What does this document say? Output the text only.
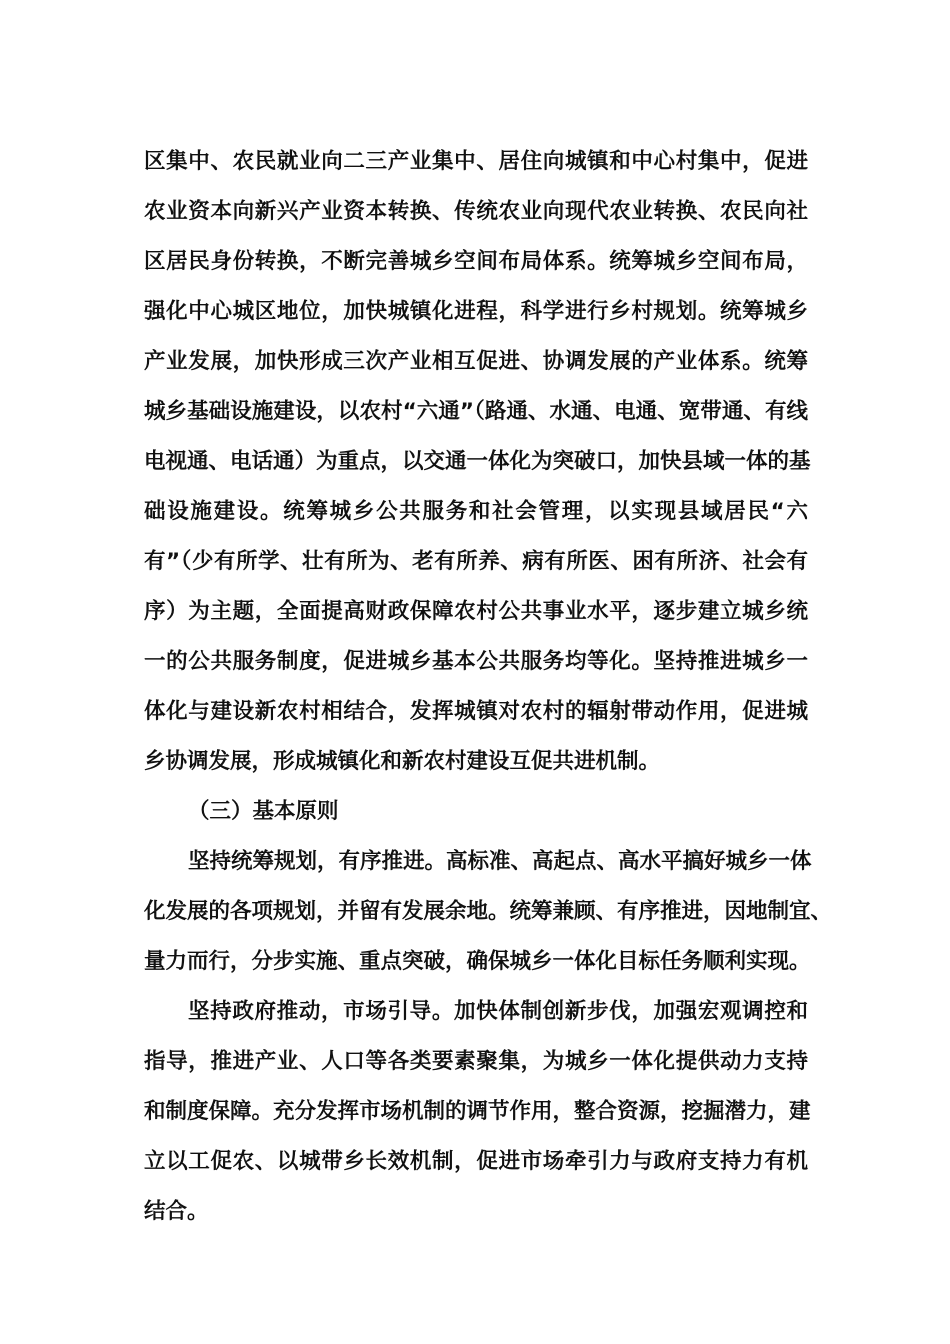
区集中、农民就业向二三产业集中、居住向城镇和中心村集中，促进
农业资本向新兴产业资本转换、传统农业向现代农业转换、农民向社
区居民身份转换，不断完善城乡空间布局体系。统筹城乡空间布局，
强化中心城区地位，加快城镇化进程，科学进行乡村规划。统筹城乡
产业发展，加快形成三次产业相互促进、协调发展的产业体系。统筹
城乡基础设施建设，以农村“六通”（路通、水通、电通、宽带通、有线
电视通、电话通）为重点，以交通一体化为突破口，加快县域一体的基
础设施建设。统筹城乡公共服务和社会管理，以实现县域居民“六
有”（少有所学、壮有所为、老有所养、病有所医、困有所济、社会有
序）为主题，全面提高财政保障农村公共事业水平，逐步建立城乡统
一的公共服务制度，促进城乡基本公共服务均等化。坚持推进城乡一
体化与建设新农村相结合，发挥城镇对农村的辐射带动作用，促进城
乡协调发展，形成城镇化和新农村建设互促共进机制。
（三）基本原则
坚持统筹规划，有序推进。高标准、高起点、高水平搞好城乡一体
化发展的各项规划，并留有发展余地。统筹兼顾、有序推进，因地制宜、
量力而行，分步实施、重点突破，确保城乡一体化目标任务顺利实现。
坚持政府推动，市场引导。加快体制创新步伐，加强宏观调控和
指导，推进产业、人口等各类要素聚集，为城乡一体化提供动力支持
和制度保障。充分发挥市场机制的调节作用，整合资源，挖掘潜力，建
立以工促农、以城带乡长效机制，促进市场牵引力与政府支持力有机
结合。
